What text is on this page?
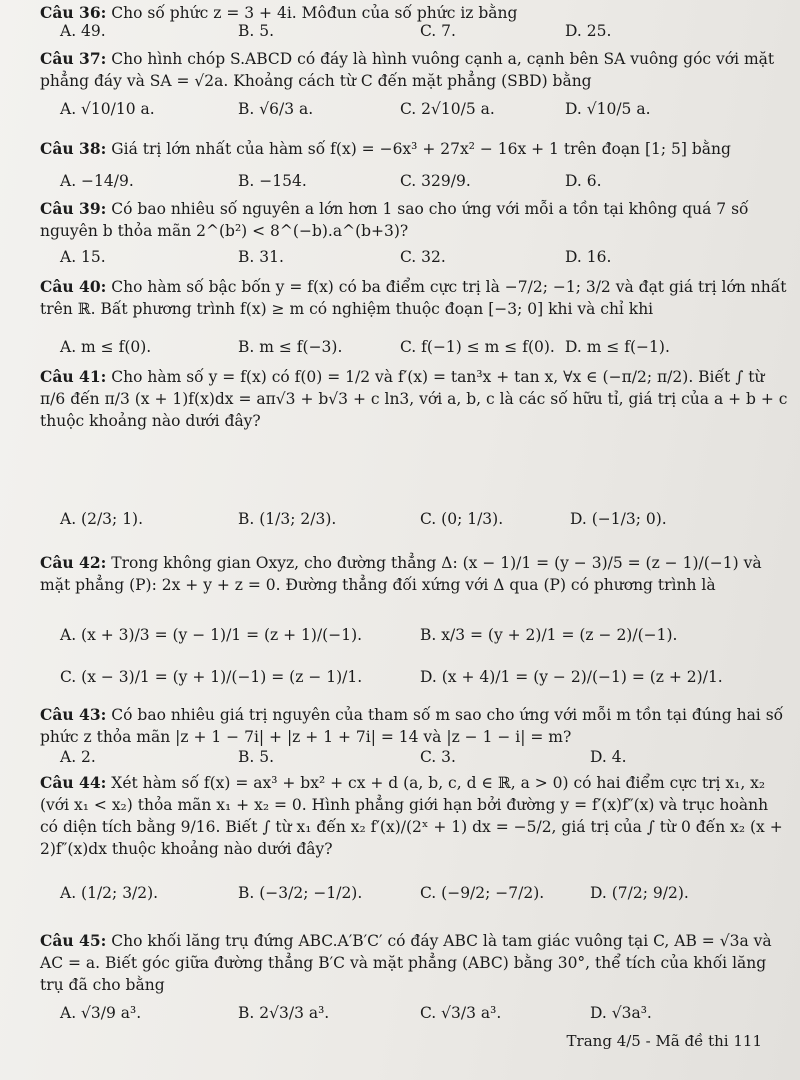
Câu 36: Cho số phức z = 3 + 4i. Môđun của số phức iz bằng
A. 49.	B. 5.	C. 7.	D. 25.
Câu 37: Cho hình chóp S.ABCD có đáy là hình vuông cạnh a, cạnh bên SA vuông góc với mặt phẳng đáy và SA = √2a. Khoảng cách từ C đến mặt phẳng (SBD) bằng
A. √10/10 a.	B. √6/3 a.	C. 2√10/5 a.	D. √10/5 a.
Câu 38: Giá trị lớn nhất của hàm số f(x) = −6x³ + 27x² − 16x + 1 trên đoạn [1; 5] bằng
A. −14/9.	B. −154.	C. 329/9.	D. 6.
Câu 39: Có bao nhiêu số nguyên a lớn hơn 1 sao cho ứng với mỗi a tồn tại không quá 7 số nguyên b thỏa mãn 2^(b²) < 8^(−b).a^(b+3)?
A. 15.	B. 31.	C. 32.	D. 16.
Câu 40: Cho hàm số bậc bốn y = f(x) có ba điểm cực trị là −7/2; −1; 3/2 và đạt giá trị lớn nhất trên ℝ. Bất phương trình f(x) ≥ m có nghiệm thuộc đoạn [−3; 0] khi và chỉ khi
A. m ≤ f(0).	B. m ≤ f(−3).	C. f(−1) ≤ m ≤ f(0). D. m ≤ f(−1).
Câu 41: Cho hàm số y = f(x) có f(0) = 1/2 và f′(x) = tan³x + tan x, ∀x ∈ (−π/2; π/2). Biết ∫ từ π/6 đến π/3 (x + 1)f(x)dx = aπ√3 + b√3 + c ln3, với a, b, c là các số hữu tỉ, giá trị của a + b + c thuộc khoảng nào dưới đây?
A. (2/3; 1).	B. (1/3; 2/3).	C. (0; 1/3).	D. (−1/3; 0).
Câu 42: Trong không gian Oxyz, cho đường thẳng Δ: (x − 1)/1 = (y − 3)/5 = (z − 1)/(−1) và mặt phẳng (P): 2x + y + z = 0. Đường thẳng đối xứng với Δ qua (P) có phương trình là
A. (x + 3)/3 = (y − 1)/1 = (z + 1)/(−1).	B. x/3 = (y + 2)/1 = (z − 2)/(−1).
C. (x − 3)/1 = (y + 1)/(−1) = (z − 1)/1.	D. (x + 4)/1 = (y − 2)/(−1) = (z + 2)/1.
Câu 43: Có bao nhiêu giá trị nguyên của tham số m sao cho ứng với mỗi m tồn tại đúng hai số phức z thỏa mãn |z + 1 − 7i| + |z + 1 + 7i| = 14 và |z − 1 − i| = m?
A. 2.	B. 5.	C. 3.	D. 4.
Câu 44: Xét hàm số f(x) = ax³ + bx² + cx + d (a, b, c, d ∈ ℝ, a > 0) có hai điểm cực trị x₁, x₂ (với x₁ < x₂) thỏa mãn x₁ + x₂ = 0. Hình phẳng giới hạn bởi đường y = f′(x)f″(x) và trục hoành có diện tích bằng 9/16. Biết ∫ từ x₁ đến x₂ f′(x)/(2ˣ + 1) dx = −5/2, giá trị của ∫ từ 0 đến x₂ (x + 2)f″(x)dx thuộc khoảng nào dưới đây?
A. (1/2; 3/2).	B. (−3/2; −1/2).	C. (−9/2; −7/2).	D. (7/2; 9/2).
Câu 45: Cho khối lăng trụ đứng ABC.A′B′C′ có đáy ABC là tam giác vuông tại C, AB = √3a và AC = a. Biết góc giữa đường thẳng B′C và mặt phẳng (ABC) bằng 30°, thể tích của khối lăng trụ đã cho bằng
A. √3/9 a³.	B. 2√3/3 a³.	C. √3/3 a³.	D. √3a³.
Trang 4/5 - Mã đề thi 111
